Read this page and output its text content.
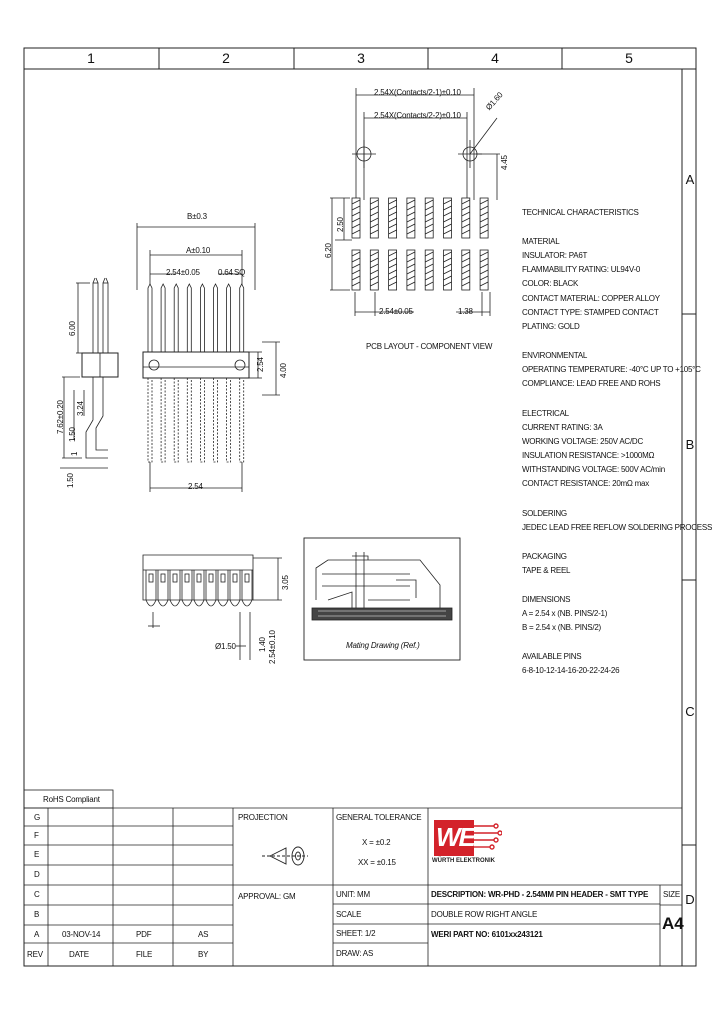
1	2	3	4	5
A
B
C
D
2.54X(Contacts/2-1)±0.10
2.54X(Contacts/2-2)±0.10
Ø1.60
4.45
2.50
6.20
2.54±0.05	1.38
PCB LAYOUT - COMPONENT VIEW
B±0.3
A±0.10
2.54±0.05 0.64 SQ
2.54 4.00
2.54
6.00
3.24
1.50
7.62±0.20
1
1.50
3.05
Ø1.50	1.40 2.54±0.10	Mating Drawing (Ref.)
TECHNICAL CHARACTERISTICS
MATERIAL
INSULATOR: PA6T
FLAMMABILITY RATING: UL94V-0
COLOR: BLACK
CONTACT MATERIAL: COPPER ALLOY
CONTACT TYPE: STAMPED CONTACT
PLATING: GOLD
ENVIRONMENTAL
OPERATING TEMPERATURE: -40°C UP TO +105°C
COMPLIANCE: LEAD FREE AND ROHS
ELECTRICAL
CURRENT RATING: 3A
WORKING VOLTAGE: 250V AC/DC
INSULATION RESISTANCE: >1000MΩ
WITHSTANDING VOLTAGE: 500V AC/min
CONTACT RESISTANCE: 20mΩ max
SOLDERING
JEDEC LEAD FREE REFLOW SOLDERING PROCESS
PACKAGING
TAPE & REEL
DIMENSIONS
A = 2.54 x (NB. PINS/2-1)
B = 2.54 x (NB. PINS/2)
AVAILABLE PINS
6-8-10-12-14-16-20-22-24-26
RoHS Compliant
G
F
E
D
C
B
A	03-NOV-14	PDF	AS
REV	DATE	FILE	BY
PROJECTION	GENERAL TOLERANCE
X = ±0.2
XX = ±0.15
APPROVAL: GM	UNIT: MM
SCALE
SHEET: 1/2
DRAW: AS
DESCRIPTION: WR-PHD - 2.54MM PIN HEADER - SMT TYPE
DOUBLE ROW RIGHT ANGLE
WERI PART NO: 6101xx243121
SIZE
A4
WE
WÜRTH ELEKTRONIK
